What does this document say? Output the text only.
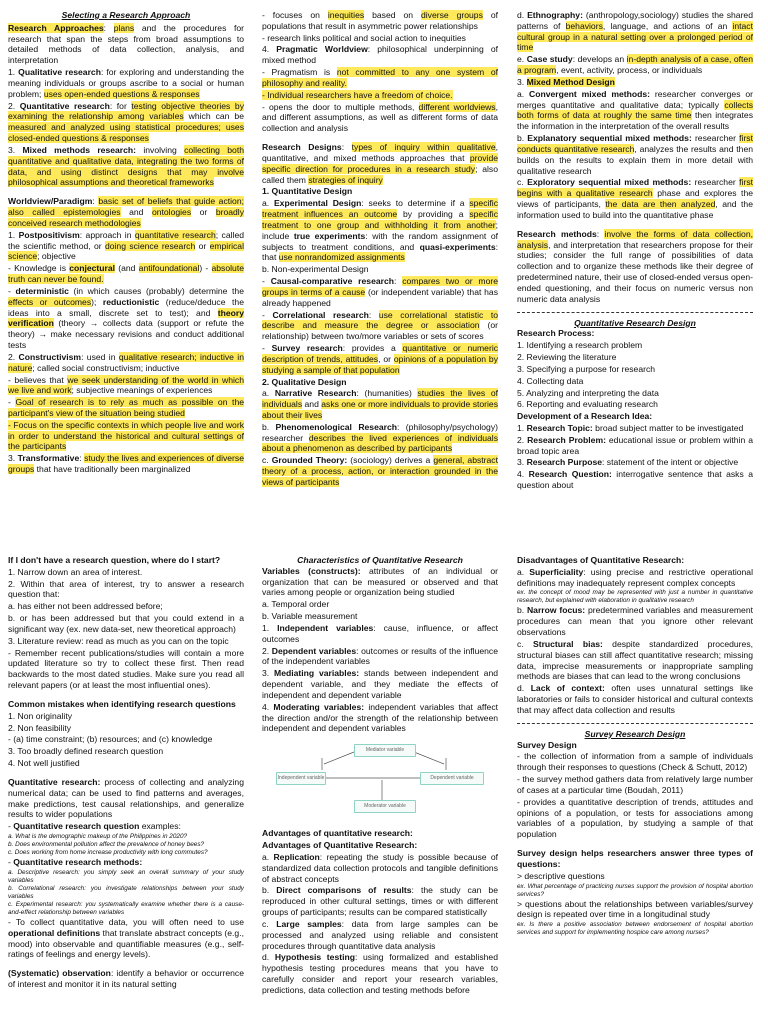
Selecting a Research Approach

Research Approaches: plans and the procedures for research that span the steps from broad assumptions to detailed methods of data collection, analysis, and interpretation

1. Qualitative research: for exploring and understanding the meaning individuals or groups ascribe to a social or human problem; uses open-ended questions & responses

2. Quantitative research: for testing objective theories by examining the relationship among variables which can be measured and analyzed using statistical procedures; uses closed-ended questions & responses

3. Mixed methods research: involving collecting both quantitative and qualitative data, integrating the two forms of data, and using distinct designs that may involve philosophical assumptions and theoretical frameworks

Worldview/Paradigm: basic set of beliefs that guide action; also called epistemologies and ontologies or broadly conceived research methodologies

1. Postpositivism: approach in quantitative research; called the scientific method, or doing science research or empirical science; objective

- Knowledge is conjectural (and antifoundational) - absolute truth can never be found.

- deterministic (in which causes (probably) determine the effects or outcomes); reductionistic (reduce/deduce the ideas into a small, discrete set to test); and theory verification (theory → collects data (support or refute the theory) → make necessary revisions and conduct additional tests

2. Constructivism: used in qualitative research; inductive in nature; called social constructivism; inductive

- believes that we seek understanding of the world in which we live and work; subjective meanings of experiences

- Goal of research is to rely as much as possible on the participant's view of the situation being studied

- Focus on the specific contexts in which people live and work in order to understand the historical and cultural settings of the participants

3. Transformative: study the lives and experiences of diverse groups that have traditionally been marginalized

- focuses on inequities based on diverse groups of populations that result in asymmetric power relationships

- research links political and social action to inequities

4. Pragmatic Worldview: philosophical underpinning of mixed method

- Pragmatism is not committed to any one system of philosophy and reality.

- Individual researchers have a freedom of choice.

- opens the door to multiple methods, different worldviews, and different assumptions, as well as different forms of data collection and analysis

Research Designs: types of inquiry within qualitative, quantitative, and mixed methods approaches that provide specific direction for procedures in a research study; also called them strategies of inquiry

1. Quantitative Design

a. Experimental Design: seeks to determine if a specific treatment influences an outcome by providing a specific treatment to one group and withholding it from another; include true experiments: with the random assignment of subjects to treatment conditions, and quasi-experiments: that use nonrandomized assignments

b. Non-experimental Design

- Causal-comparative research: compares two or more groups in terms of a cause (or independent variable) that has already happened

- Correlational research: use correlational statistic to describe and measure the degree or association (or relationship) between two/more variables or sets of scores

- Survey research: provides a quantitative or numeric description of trends, attitudes, or opinions of a population by studying a sample of that population

2. Qualitative Design

a. Narrative Research: (humanities) studies the lives of individuals and asks one or more individuals to provide stories about their lives

b. Phenomenological Research: (philosophy/psychology) researcher describes the lived experiences of individuals about a phenomenon as described by participants

c. Grounded Theory: (sociology) derives a general, abstract theory of a process, action, or interaction grounded in the views of participants

d. Ethnography: (anthropology,sociology) studies the shared patterns of behaviors, language, and actions of an intact cultural group in a natural setting over a prolonged period of time

e. Case study: develops an in-depth analysis of a case, often a program, event, activity, process, or individuals

3. Mixed Method Design

a. Convergent mixed methods: researcher converges or merges quantitative and qualitative data; typically collects both forms of data at roughly the same time then integrates the information in the interpretation of the overall results

b. Explanatory sequential mixed methods: researcher first conducts quantitative research, analyzes the results and then builds on the results to explain them in more detail with qualitative research

c. Exploratory sequential mixed methods: researcher first begins with a qualitative research phase and explores the views of participants, the data are then analyzed, and the information used to build into the quantitative phase

Research methods: involve the forms of data collection, analysis, and interpretation that researchers propose for their studies; consider the full range of possibilities of data collection and to organize these methods like their degree of predetermined nature, their use of closed-ended versus open-ended questioning, and their focus on numeric versus non numeric data analysis

Quantitative Research Design

Research Process:

1. Identifying a research problem

2. Reviewing the literature

3. Specifying a purpose for research

4. Collecting data

5. Analyzing and interpreting the data

6. Reporting and evaluating research

Development of a Research Idea:

1. Research Topic: broad subject matter to be investigated

2. Research Problem: educational issue or problem within a broad topic area

3. Research Purpose: statement of the intent or objective

4. Research Question: interrogative sentence that asks a question about

If I don't have a research question, where do I start?

1. Narrow down an area of interest.

2. Within that area of interest, try to answer a research question that:

a. has either not been addressed before;

b. or has been addressed but that you could extend in a significant way (ex. new data-set, new theoretical approach)

3. Literature review: read as much as you can on the topic

- Remember recent publications/studies will contain a more updated literature so try to collect these first. Then read backwards to the most dated studies. Make sure you read all relevant papers (or at least the most influential ones).

Common mistakes when identifying research questions

1. Non originality

2. Non feasibility

- (a) time constraint; (b) resources; and (c) knowledge

3. Too broadly defined research question

4. Not well justified

Quantitative research: process of collecting and analyzing numerical data; can be used to find patterns and averages, make predictions, test causal relationships, and generalize results to wider populations

- Quantitative research question examples:

a. What is the demographic makeup of the Philippines in 2020?
b. Does environmental pollution affect the prevalence of honey bees?
c. Does working from home increase productivity with long commutes?

- Quantitative research methods:

a. Descriptive research: you simply seek an overall summary of your study variables
b. Correlational research: you investigate relationships between your study variables
c. Experimental research: you systematically examine whether there is a cause-and-effect relationship between variables

- To collect quantitative data, you will often need to use operational definitions that translate abstract concepts (e.g., mood) into observable and quantifiable measures (e.g., self-ratings of feelings and energy levels).

(Systematic) observation: identify a behavior or occurrence of interest and monitor it in its natural setting

Characteristics of Quantitative Research

Variables (constructs): attributes of an individual or organization that can be measured or observed and that varies among people or organization being studied

a. Temporal order

b. Variable measurement

1. Independent variables: cause, influence, or affect outcomes

2. Dependent variables: outcomes or results of the influence of the independent variables

3. Mediating variables: stands between independent and dependent variable, and they mediate the effects of independent and dependent variable

4. Moderating variables: independent variables that affect the direction and/or the strength of the relationship between independent and dependent variables

Mediator variable
Independent variable	Dependent variable
Moderator variable

Advantages of quantitative research:

Advantages of Quantitative Research:

a. Replication: repeating the study is possible because of standardized data collection protocols and tangible definitions of abstract concepts

b. Direct comparisons of results: the study can be reproduced in other cultural settings, times or with different groups of participants; results can be compared statistically

c. Large samples: data from large samples can be processed and analyzed using reliable and consistent procedures through quantitative data analysis

d. Hypothesis testing: using formalized and established hypothesis testing procedures means that you have to carefully consider and report your research variables, predictions, data collection and testing methods before

Disadvantages of Quantitative Research:

a. Superficiality: using precise and restrictive operational definitions may inadequately represent complex concepts

ex. the concept of mood may be represented with just a number in quantitative research, but explained with elaboration in qualitative research

b. Narrow focus: predetermined variables and measurement procedures can mean that you ignore other relevant observations

c. Structural bias: despite standardized procedures, structural biases can still affect quantitative research; missing data, imprecise measurements or inappropriate sampling methods are biases that can lead to the wrong conclusions

d. Lack of context: often uses unnatural settings like laboratories or fails to consider historical and cultural contexts that may affect data collection and results

Survey Research Design

Survey Design

- the collection of information from a sample of individuals through their responses to questions (Check & Schutt, 2012)

- the survey method gathers data from relatively large number of cases at a particular time (Boudah, 2011)

- provides a quantitative description of trends, attitudes and opinions of a population, or tests for associations among variables of a population, by studying a sample of that population

Survey design helps researchers answer three types of questions:

> descriptive questions

ex. What percentage of practicing nurses support the provision of hospital abortion services?

> questions about the relationships between variables/survey design is repeated over time in a longitudinal study

ex. Is there a positive association between endorsement of hospital abortion services and support for implementing hospice care among nurses?
